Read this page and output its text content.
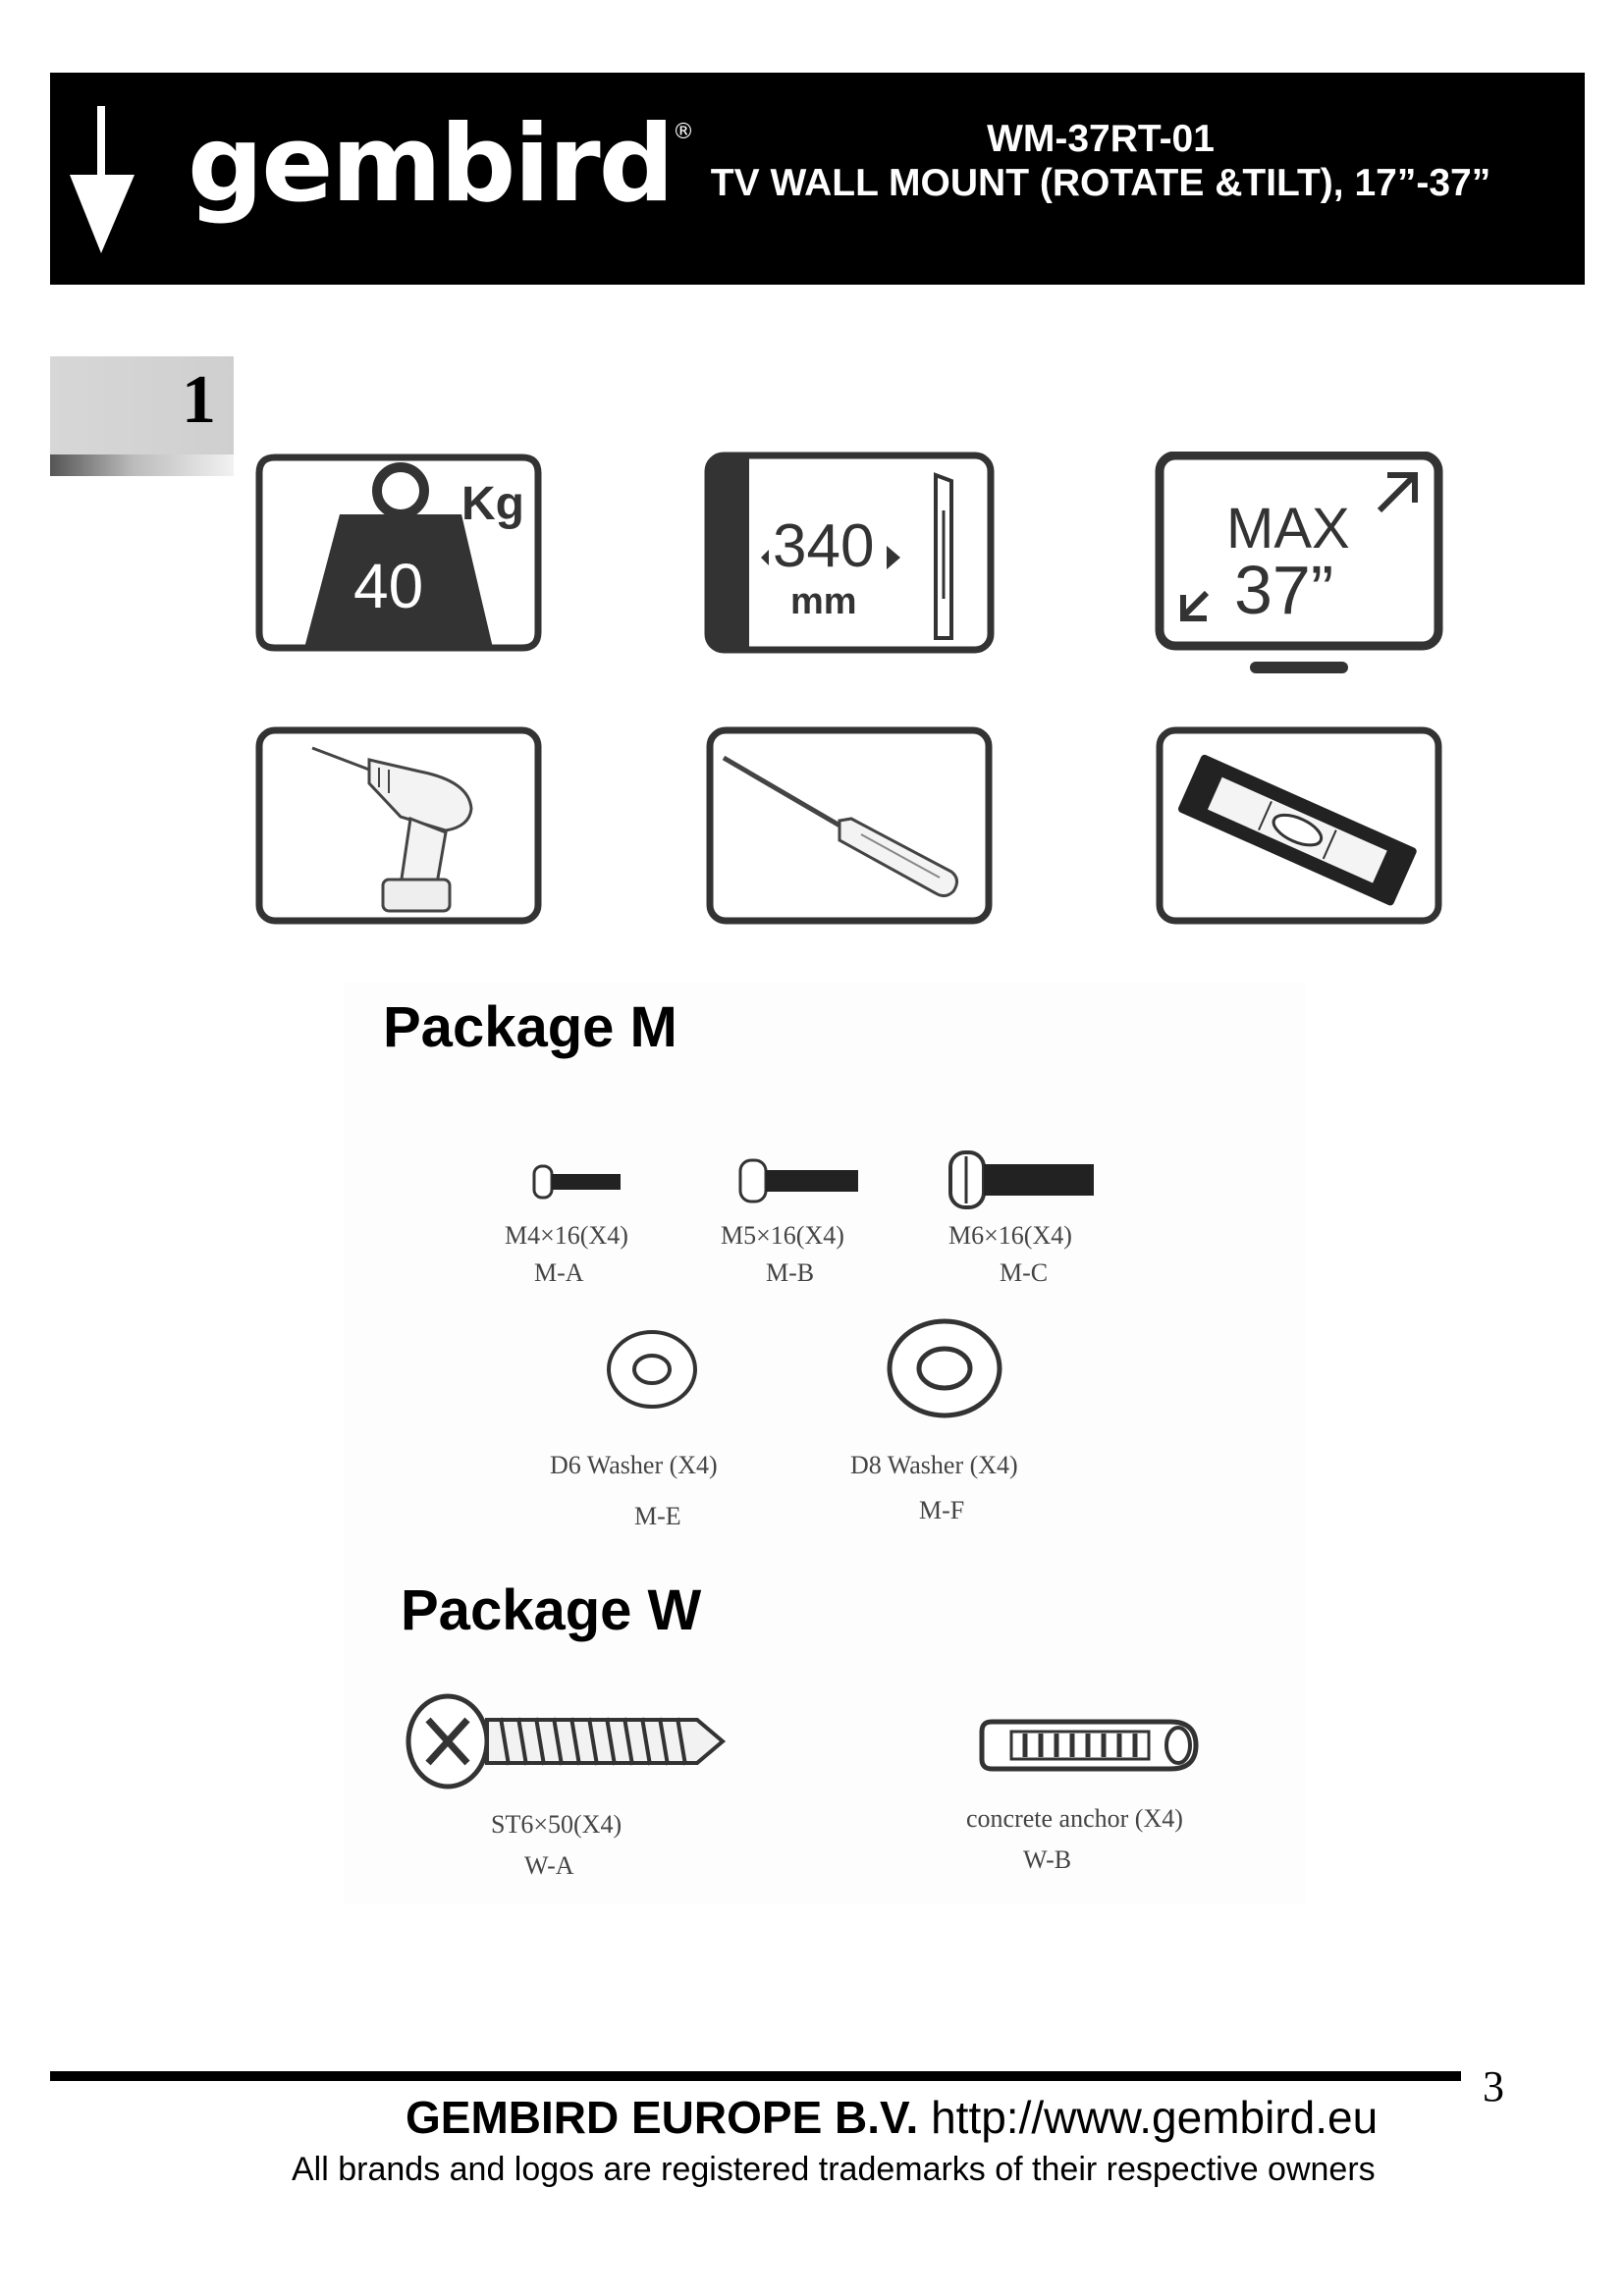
gembird®	WM-37RT-01
TV WALL MOUNT (ROTATE &TILT), 17”-37”
1
Kg
40
340
mm
MAX
37”
Package M
M4×16(X4)
M-A
M5×16(X4)
M-B
M6×16(X4)
M-C
D6 Washer (X4)
M-E
D8 Washer (X4)
M-F
Package W
ST6×50(X4)
W-A
concrete anchor (X4)
W-B
3
GEMBIRD EUROPE B.V. http://www.gembird.eu
All brands and logos are registered trademarks of their respective owners
